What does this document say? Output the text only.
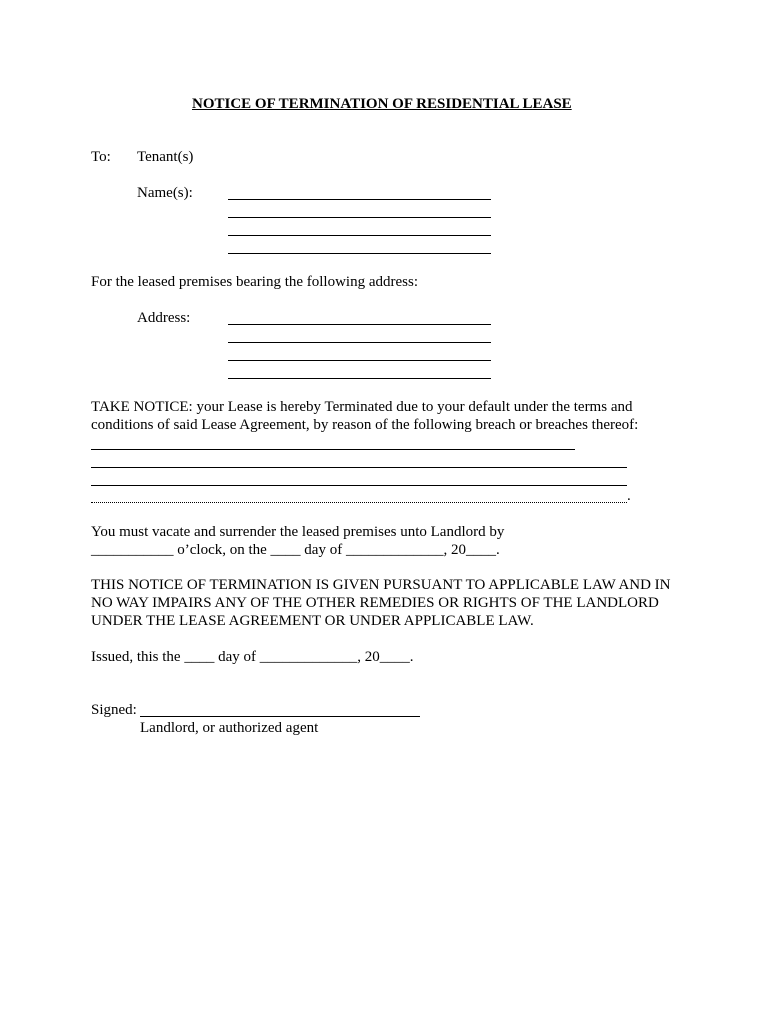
NOTICE OF TERMINATION OF RESIDENTIAL LEASE
To: Tenant(s)
Name(s):
For the leased premises bearing the following address:
Address:
TAKE NOTICE: your Lease is hereby Terminated due to your default under the terms and
conditions of said Lease Agreement, by reason of the following breach or breaches thereof:
.
You must vacate and surrender the leased premises unto Landlord by
___________ o’clock, on the ____ day of _____________, 20____.
THIS NOTICE OF TERMINATION IS GIVEN PURSUANT TO APPLICABLE LAW AND IN
NO WAY IMPAIRS ANY OF THE OTHER REMEDIES OR RIGHTS OF THE LANDLORD
UNDER THE LEASE AGREEMENT OR UNDER APPLICABLE LAW.
Issued, this the ____ day of _____________, 20____.
Signed:
Landlord, or authorized agent
